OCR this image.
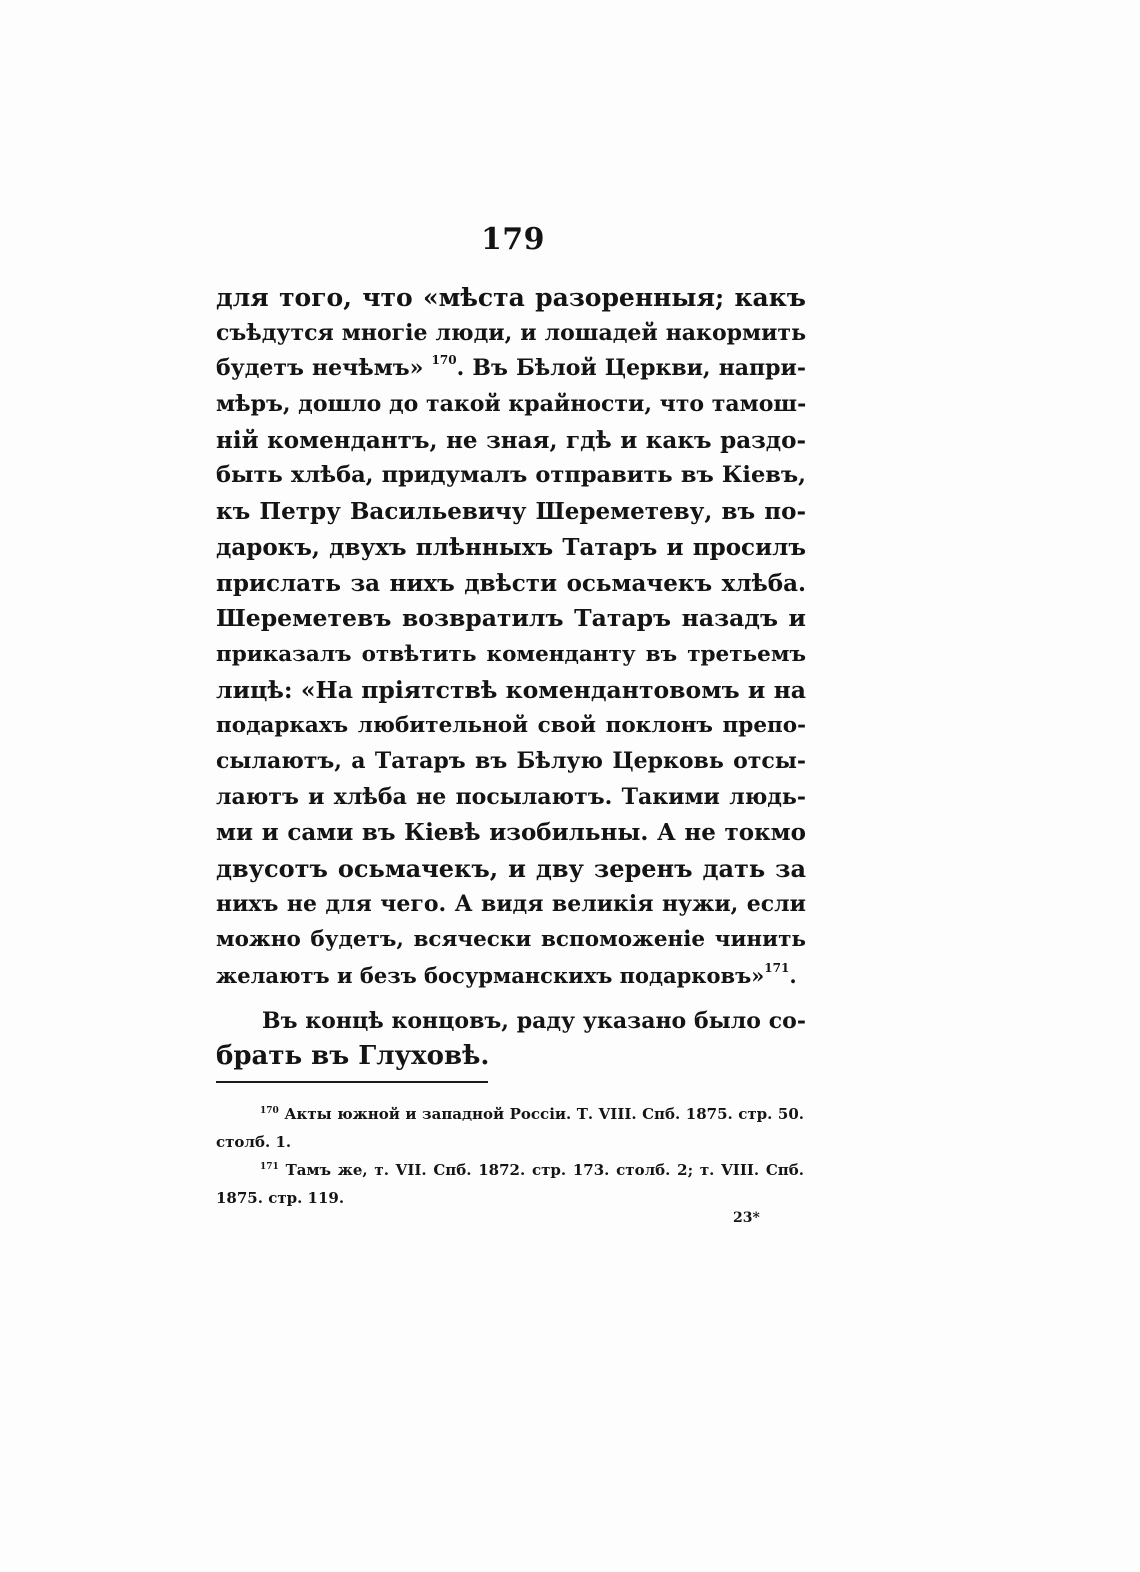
179
для того, что «мѣста разоренныя; какъ
съѣдутся многіе люди, и лошадей накормить
будетъ нечѣмъ» $^{170}$. Въ Бѣлой Церкви, напри-
мѣръ, дошло до такой крайности, что тамош-
ній комендантъ, не зная, гдѣ и какъ раздо-
быть хлѣба, придумалъ отправить въ Кіевъ,
къ Петру Васильевичу Шереметеву, въ по-
дарокъ, двухъ плѣнныхъ Татаръ и просилъ
прислать за нихъ двѣсти осьмачекъ хлѣба.
Шереметевъ возвратилъ Татаръ назадъ и
приказалъ отвѣтить коменданту въ третьемъ
лицѣ: «На пріятствѣ комендантовомъ и на
подаркахъ любительной свой поклонъ препо-
сылаютъ, а Татаръ въ Бѣлую Церковь отсы-
лаютъ и хлѣба не посылаютъ. Такими людь-
ми и сами въ Кіевѣ изобильны. А не токмо
двусотъ осьмачекъ, и дву зеренъ дать за
нихъ не для чего. А видя великія нужи, если
можно будетъ, всячески вспоможеніе чинить
желаютъ и безъ босурманскихъ подарковъ»$^{171}$.
Въ концѣ концовъ, раду указано было со-
брать въ Глуховѣ.
$^{170}$ Акты южной и западной Россіи. Т. VIII. Спб. 1875. стр. 50.
столб. 1.
$^{171}$ Тамъ же, т. VII. Спб. 1872. стр. 173. столб. 2; т. VIII. Спб.
1875. стр. 119.
23*
